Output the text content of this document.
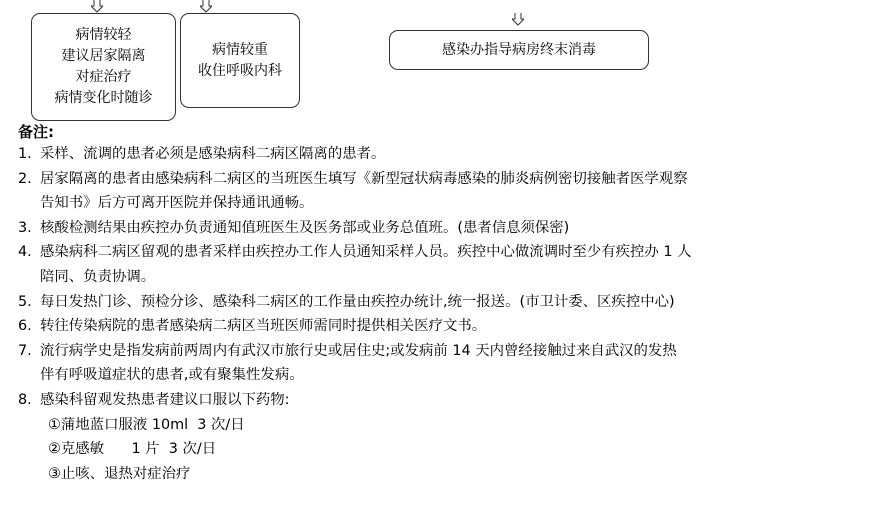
病情较轻
建议居家隔离
对症治疗
病情变化时随诊
病情较重
收住呼吸内科
感染办指导病房终末消毒
备注:
1. 采样、流调的患者必须是感染病科二病区隔离的患者。
2. 居家隔离的患者由感染病科二病区的当班医生填写《新型冠状病毒感染的肺炎病例密切接触者医学观察
告知书》后方可离开医院并保持通讯通畅。
3. 核酸检测结果由疾控办负责通知值班医生及医务部或业务总值班。(患者信息须保密)
4. 感染病科二病区留观的患者采样由疾控办工作人员通知采样人员。疾控中心做流调时至少有疾控办 1 人
陪同、负责协调。
5. 每日发热门诊、预检分诊、感染科二病区的工作量由疾控办统计,统一报送。(市卫计委、区疾控中心)
6. 转往传染病院的患者感染病二病区当班医师需同时提供相关医疗文书。
7. 流行病学史是指发病前两周内有武汉市旅行史或居住史;或发病前 14 天内曾经接触过来自武汉的发热
伴有呼吸道症状的患者,或有聚集性发病。
8. 感染科留观发热患者建议口服以下药物:
①蒲地蓝口服液 10ml  3 次/日
②克感敏      1 片  3 次/日
③止咳、退热对症治疗
